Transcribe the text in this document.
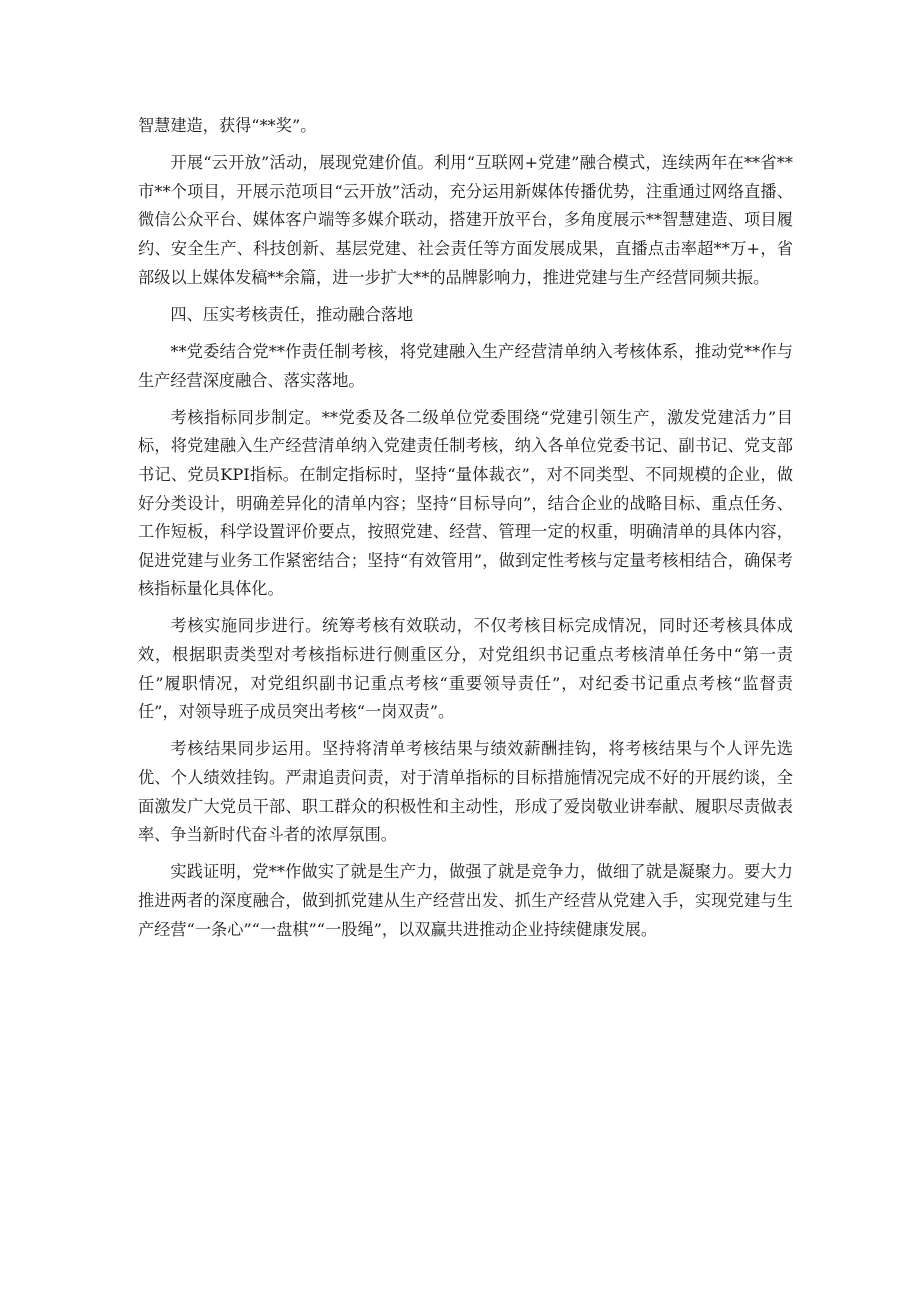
智慧建造，获得“**奖”。

开展“云开放”活动，展现党建价值。利用“互联网+党建”融合模式，连续两年在**省**市**个项目，开展示范项目“云开放”活动，充分运用新媒体传播优势，注重通过网络直播、微信公众平台、媒体客户端等多媒介联动，搭建开放平台，多角度展示**智慧建造、项目履约、安全生产、科技创新、基层党建、社会责任等方面发展成果，直播点击率超**万+，省部级以上媒体发稿**余篇，进一步扩大**的品牌影响力，推进党建与生产经营同频共振。

四、压实考核责任，推动融合落地

**党委结合党**作责任制考核，将党建融入生产经营清单纳入考核体系，推动党**作与生产经营深度融合、落实落地。

考核指标同步制定。**党委及各二级单位党委围绕“党建引领生产，激发党建活力”目标，将党建融入生产经营清单纳入党建责任制考核，纳入各单位党委书记、副书记、党支部书记、党员KPI指标。在制定指标时，坚持“量体裁衣”，对不同类型、不同规模的企业，做好分类设计，明确差异化的清单内容；坚持“目标导向”，结合企业的战略目标、重点任务、工作短板，科学设置评价要点，按照党建、经营、管理一定的权重，明确清单的具体内容，促进党建与业务工作紧密结合；坚持“有效管用”，做到定性考核与定量考核相结合，确保考核指标量化具体化。

考核实施同步进行。统筹考核有效联动，不仅考核目标完成情况，同时还考核具体成效，根据职责类型对考核指标进行侧重区分，对党组织书记重点考核清单任务中“第一责任”履职情况，对党组织副书记重点考核“重要领导责任”，对纪委书记重点考核“监督责任”，对领导班子成员突出考核“一岗双责”。

考核结果同步运用。坚持将清单考核结果与绩效薪酬挂钩，将考核结果与个人评先选优、个人绩效挂钩。严肃追责问责，对于清单指标的目标措施情况完成不好的开展约谈，全面激发广大党员干部、职工群众的积极性和主动性，形成了爱岗敬业讲奉献、履职尽责做表率、争当新时代奋斗者的浓厚氛围。

实践证明，党**作做实了就是生产力，做强了就是竞争力，做细了就是凝聚力。要大力推进两者的深度融合，做到抓党建从生产经营出发、抓生产经营从党建入手，实现党建与生产经营“一条心”“一盘棋”“一股绳”，以双赢共进推动企业持续健康发展。
